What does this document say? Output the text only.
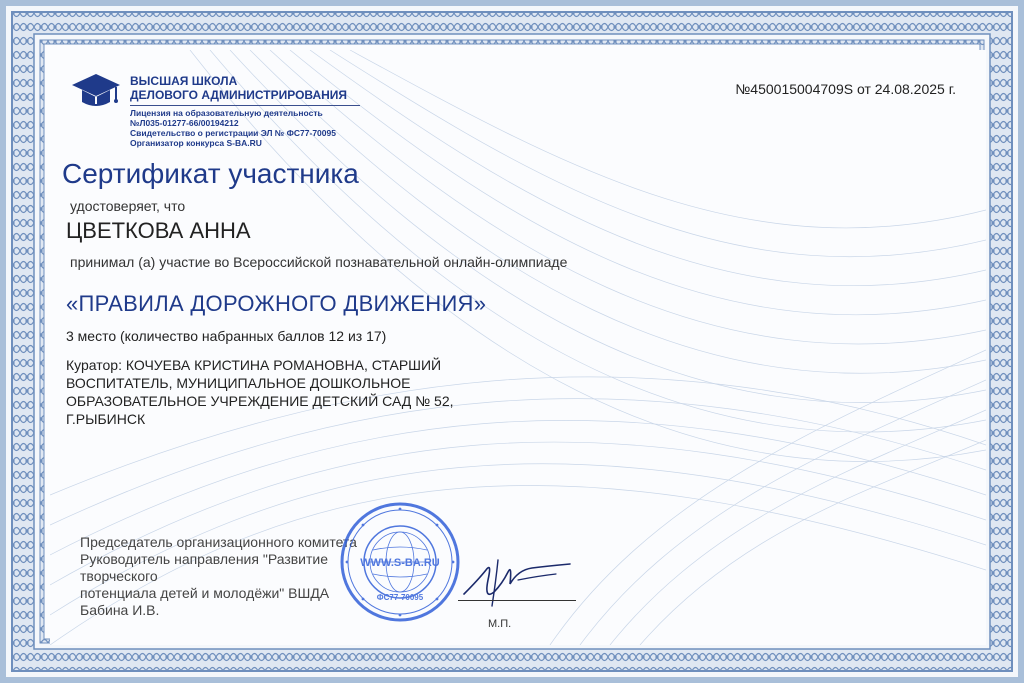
ВЫСШАЯ ШКОЛА
ДЕЛОВОГО АДМИНИСТРИРОВАНИЯ
Лицензия на образовательную деятельность
№Л035-01277-66/00194212
Свидетельство о регистрации ЭЛ № ФС77-70095
Организатор конкурса S-BA.RU
№450015004709S от 24.08.2025 г.
Сертификат участника
удостоверяет, что
ЦВЕТКОВА АННА
принимал (а) участие во Всероссийской познавательной онлайн-олимпиаде
«ПРАВИЛА ДОРОЖНОГО ДВИЖЕНИЯ»
3 место (количество набранных баллов 12 из 17)
Куратор: КОЧУЕВА КРИСТИНА РОМАНОВНА, СТАРШИЙ
ВОСПИТАТЕЛЬ, МУНИЦИПАЛЬНОЕ ДОШКОЛЬНОЕ
ОБРАЗОВАТЕЛЬНОЕ УЧРЕЖДЕНИЕ ДЕТСКИЙ САД № 52,
Г.РЫБИНСК
Председатель организационного комитета
Руководитель направления "Развитие творческого
потенциала детей и молодёжи" ВШДА
Бабина И.В.
WWW.S-BA.RU
ФС77-70095
М.П.
